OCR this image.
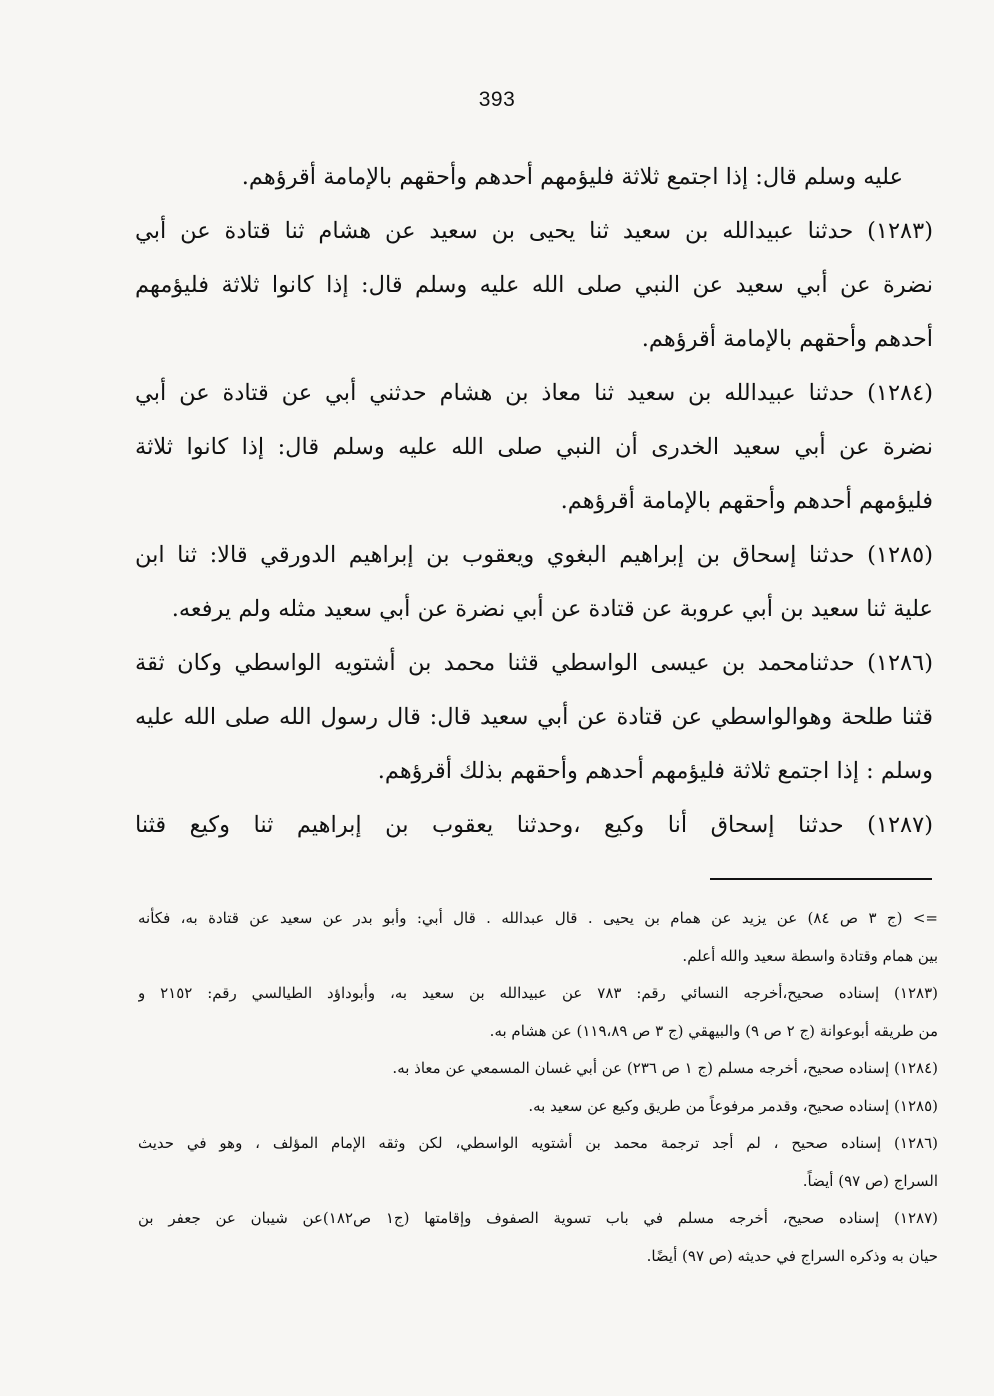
393
عليه وسلم قال: إذا اجتمع ثلاثة فليؤمهم أحدهم وأحقهم بالإمامة أقرؤهم.
(١٢٨٣) حدثنا عبيدالله بن سعيد ثنا يحيى بن سعيد عن هشام ثنا قتادة عن أبي
نضرة عن أبي سعيد عن النبي صلى الله عليه وسلم قال: إذا كانوا ثلاثة فليؤمهم
أحدهم وأحقهم بالإمامة أقرؤهم.
(١٢٨٤) حدثنا عبيدالله بن سعيد ثنا معاذ بن هشام حدثني أبي عن قتادة عن أبي
نضرة عن أبي سعيد الخدرى أن النبي صلى الله عليه وسلم قال: إذا كانوا ثلاثة
فليؤمهم أحدهم وأحقهم بالإمامة أقرؤهم.
(١٢٨٥) حدثنا إسحاق بن إبراهيم البغوي ويعقوب بن إبراهيم الدورقي قالا: ثنا ابن
علية ثنا سعيد بن أبي عروبة عن قتادة عن أبي نضرة عن أبي سعيد مثله ولم يرفعه.
(١٢٨٦) حدثنامحمد بن عيسى الواسطي قثنا محمد بن أشتويه الواسطي وكان ثقة
قثنا طلحة وهوالواسطي عن قتادة عن أبي سعيد قال: قال رسول الله صلى الله عليه
وسلم : إذا اجتمع ثلاثة فليؤمهم أحدهم وأحقهم بذلك أقرؤهم.
(١٢٨٧) حدثنا إسحاق أنا وكيع ،وحدثنا يعقوب بن إبراهيم ثنا وكيع قثنا
=> (ج ٣ ص ٨٤) عن يزيد عن همام بن يحيى . قال عبدالله . قال أبي: وأبو بدر عن سعيد عن قتادة به، فكأنه
بين همام وقتادة واسطة سعيد والله أعلم.
(١٢٨٣) إسناده صحيح،أخرجه النسائي رقم: ٧٨٣ عن عبيدالله بن سعيد به، وأبوداؤد الطيالسي رقم: ٢١٥٢ و
من طريقه أبوعوانة (ج ٢ ص ٩) والبيهقي (ج ٣ ص ١١٩،٨٩) عن هشام به.
(١٢٨٤) إسناده صحيح، أخرجه مسلم (ج ١ ص ٢٣٦) عن أبي غسان المسمعي عن معاذ به.
(١٢٨٥) إسناده صحيح، وقدمر مرفوعاً من طريق وكيع عن سعيد به.
(١٢٨٦) إسناده صحيح ، لم أجد ترجمة محمد بن أشتويه الواسطي، لكن وثقه الإمام المؤلف ، وهو في حديث
السراج (ص ٩٧) أيضاً.
(١٢٨٧) إسناده صحيح، أخرجه مسلم في باب تسوية الصفوف وإقامتها (ج١ ص١٨٢)عن شيبان عن جعفر بن
حيان به وذكره السراج في حديثه (ص ٩٧) أيضًا.
